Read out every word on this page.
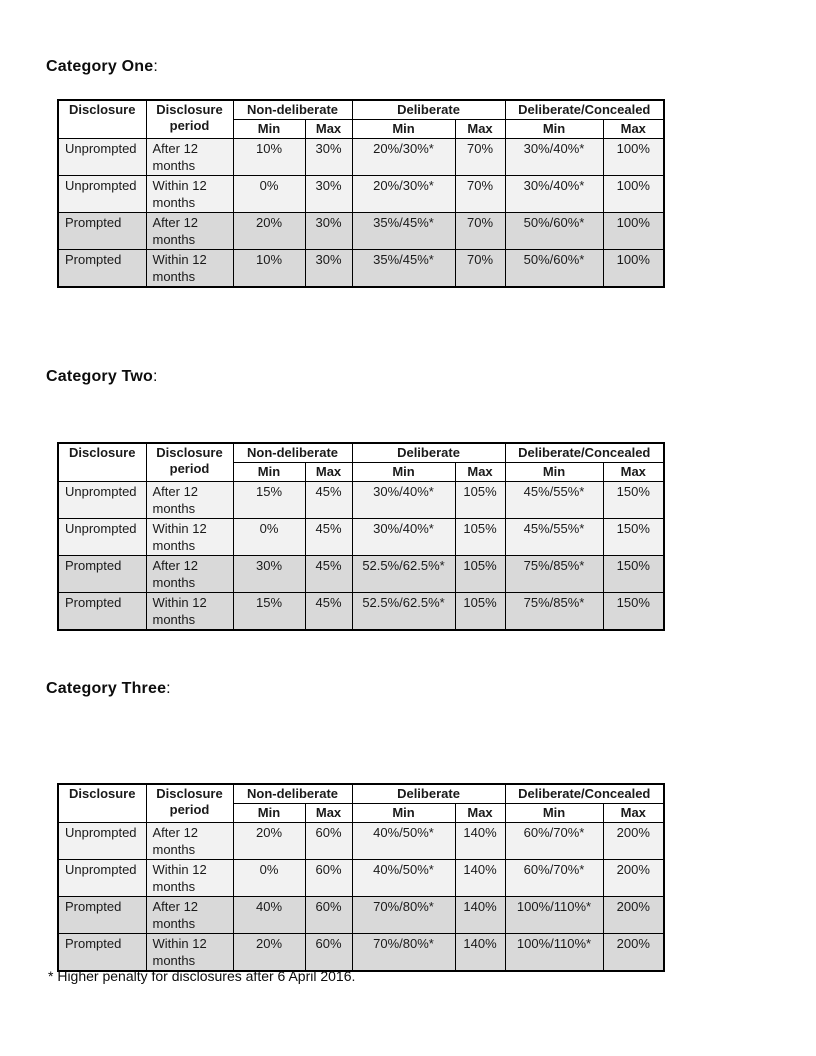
Category One:
Disclosure	Disclosure period	Non-deliberate		Deliberate		Deliberate/Concealed	
		Min	Max	Min	Max	Min	Max
Unprompted	After 12 months	10%	30%	20%/30%*	70%	30%/40%*	100%
Unprompted	Within 12 months	0%	30%	20%/30%*	70%	30%/40%*	100%
Prompted	After 12 months	20%	30%	35%/45%*	70%	50%/60%*	100%
Prompted	Within 12 months	10%	30%	35%/45%*	70%	50%/60%*	100%
Category Two:
Disclosure	Disclosure period	Non-deliberate		Deliberate		Deliberate/Concealed	
		Min	Max	Min	Max	Min	Max
Unprompted	After 12 months	15%	45%	30%/40%*	105%	45%/55%*	150%
Unprompted	Within 12 months	0%	45%	30%/40%*	105%	45%/55%*	150%
Prompted	After 12 months	30%	45%	52.5%/62.5%*	105%	75%/85%*	150%
Prompted	Within 12 months	15%	45%	52.5%/62.5%*	105%	75%/85%*	150%
Category Three:
Disclosure	Disclosure period	Non-deliberate		Deliberate		Deliberate/Concealed	
		Min	Max	Min	Max	Min	Max
Unprompted	After 12 months	20%	60%	40%/50%*	140%	60%/70%*	200%
Unprompted	Within 12 months	0%	60%	40%/50%*	140%	60%/70%*	200%
Prompted	After 12 months	40%	60%	70%/80%*	140%	100%/110%*	200%
Prompted	Within 12 months	20%	60%	70%/80%*	140%	100%/110%*	200%
* Higher penalty for disclosures after 6 April 2016.
